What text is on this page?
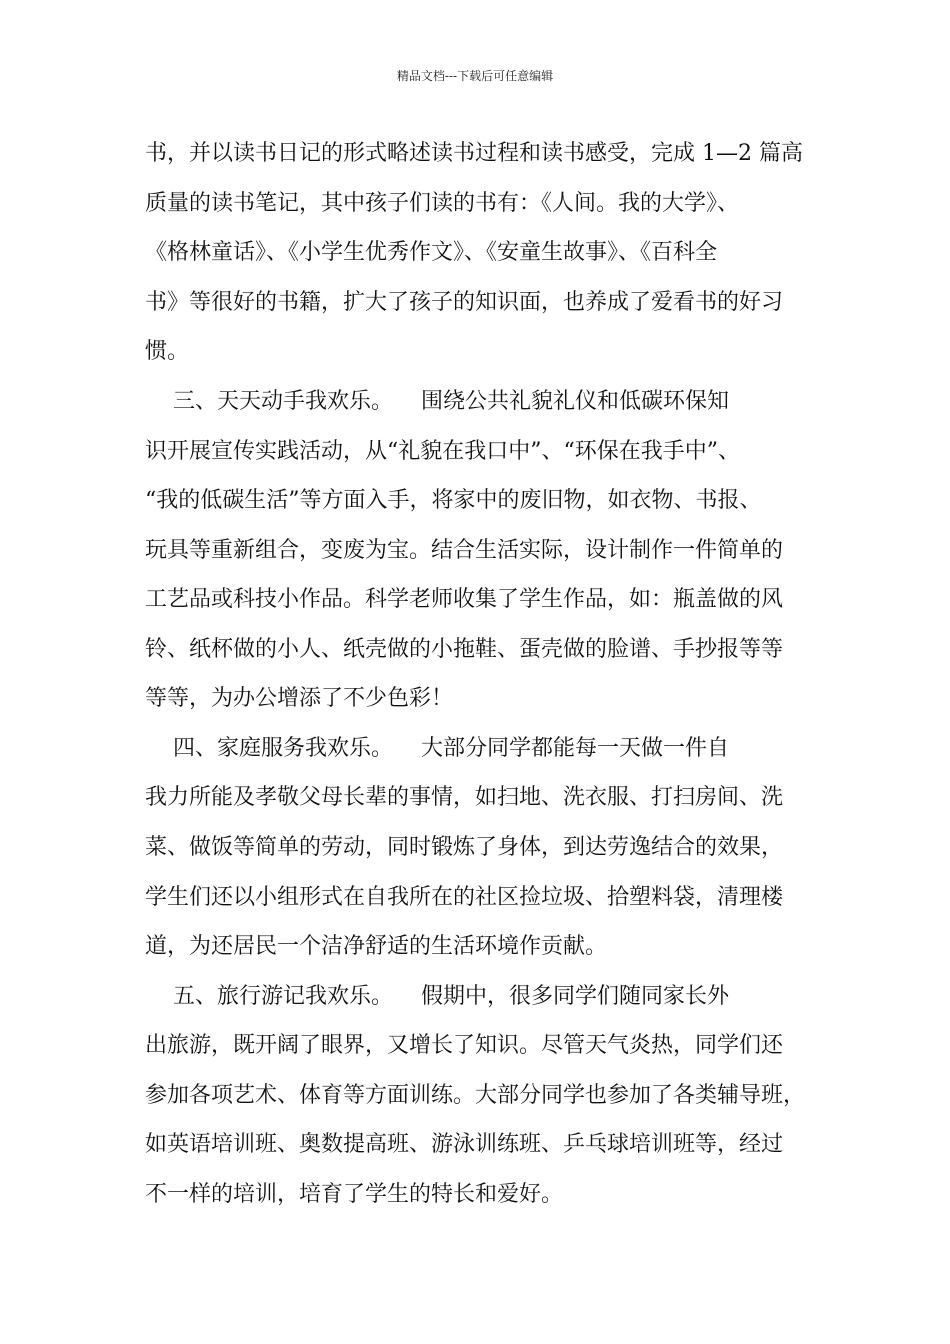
精品文档---下载后可任意编辑
书，并以读书日记的形式略述读书过程和读书感受，完成 1—2 篇高
质量的读书笔记，其中孩子们读的书有：《人间。我的大学》、
《格林童话》、《小学生优秀作文》、《安童生故事》、《百科全
书》等很好的书籍，扩大了孩子的知识面，也养成了爱看书的好习
惯。
三、天天动手我欢乐。    围绕公共礼貌礼仪和低碳环保知
识开展宣传实践活动，从“礼貌在我口中”、“环保在我手中”、
“我的低碳生活”等方面入手，将家中的废旧物，如衣物、书报、
玩具等重新组合，变废为宝。结合生活实际，设计制作一件简单的
工艺品或科技小作品。科学老师收集了学生作品，如：瓶盖做的风
铃、纸杯做的小人、纸壳做的小拖鞋、蛋壳做的脸谱、手抄报等等
等等，为办公增添了不少色彩！
四、家庭服务我欢乐。    大部分同学都能每一天做一件自
我力所能及孝敬父母长辈的事情，如扫地、洗衣服、打扫房间、洗
菜、做饭等简单的劳动，同时锻炼了身体，到达劳逸结合的效果，
学生们还以小组形式在自我所在的社区捡垃圾、拾塑料袋，清理楼
道，为还居民一个洁净舒适的生活环境作贡献。
五、旅行游记我欢乐。    假期中，很多同学们随同家长外
出旅游，既开阔了眼界，又增长了知识。尽管天气炎热，同学们还
参加各项艺术、体育等方面训练。大部分同学也参加了各类辅导班，
如英语培训班、奥数提高班、游泳训练班、乒乓球培训班等，经过
不一样的培训，培育了学生的特长和爱好。
